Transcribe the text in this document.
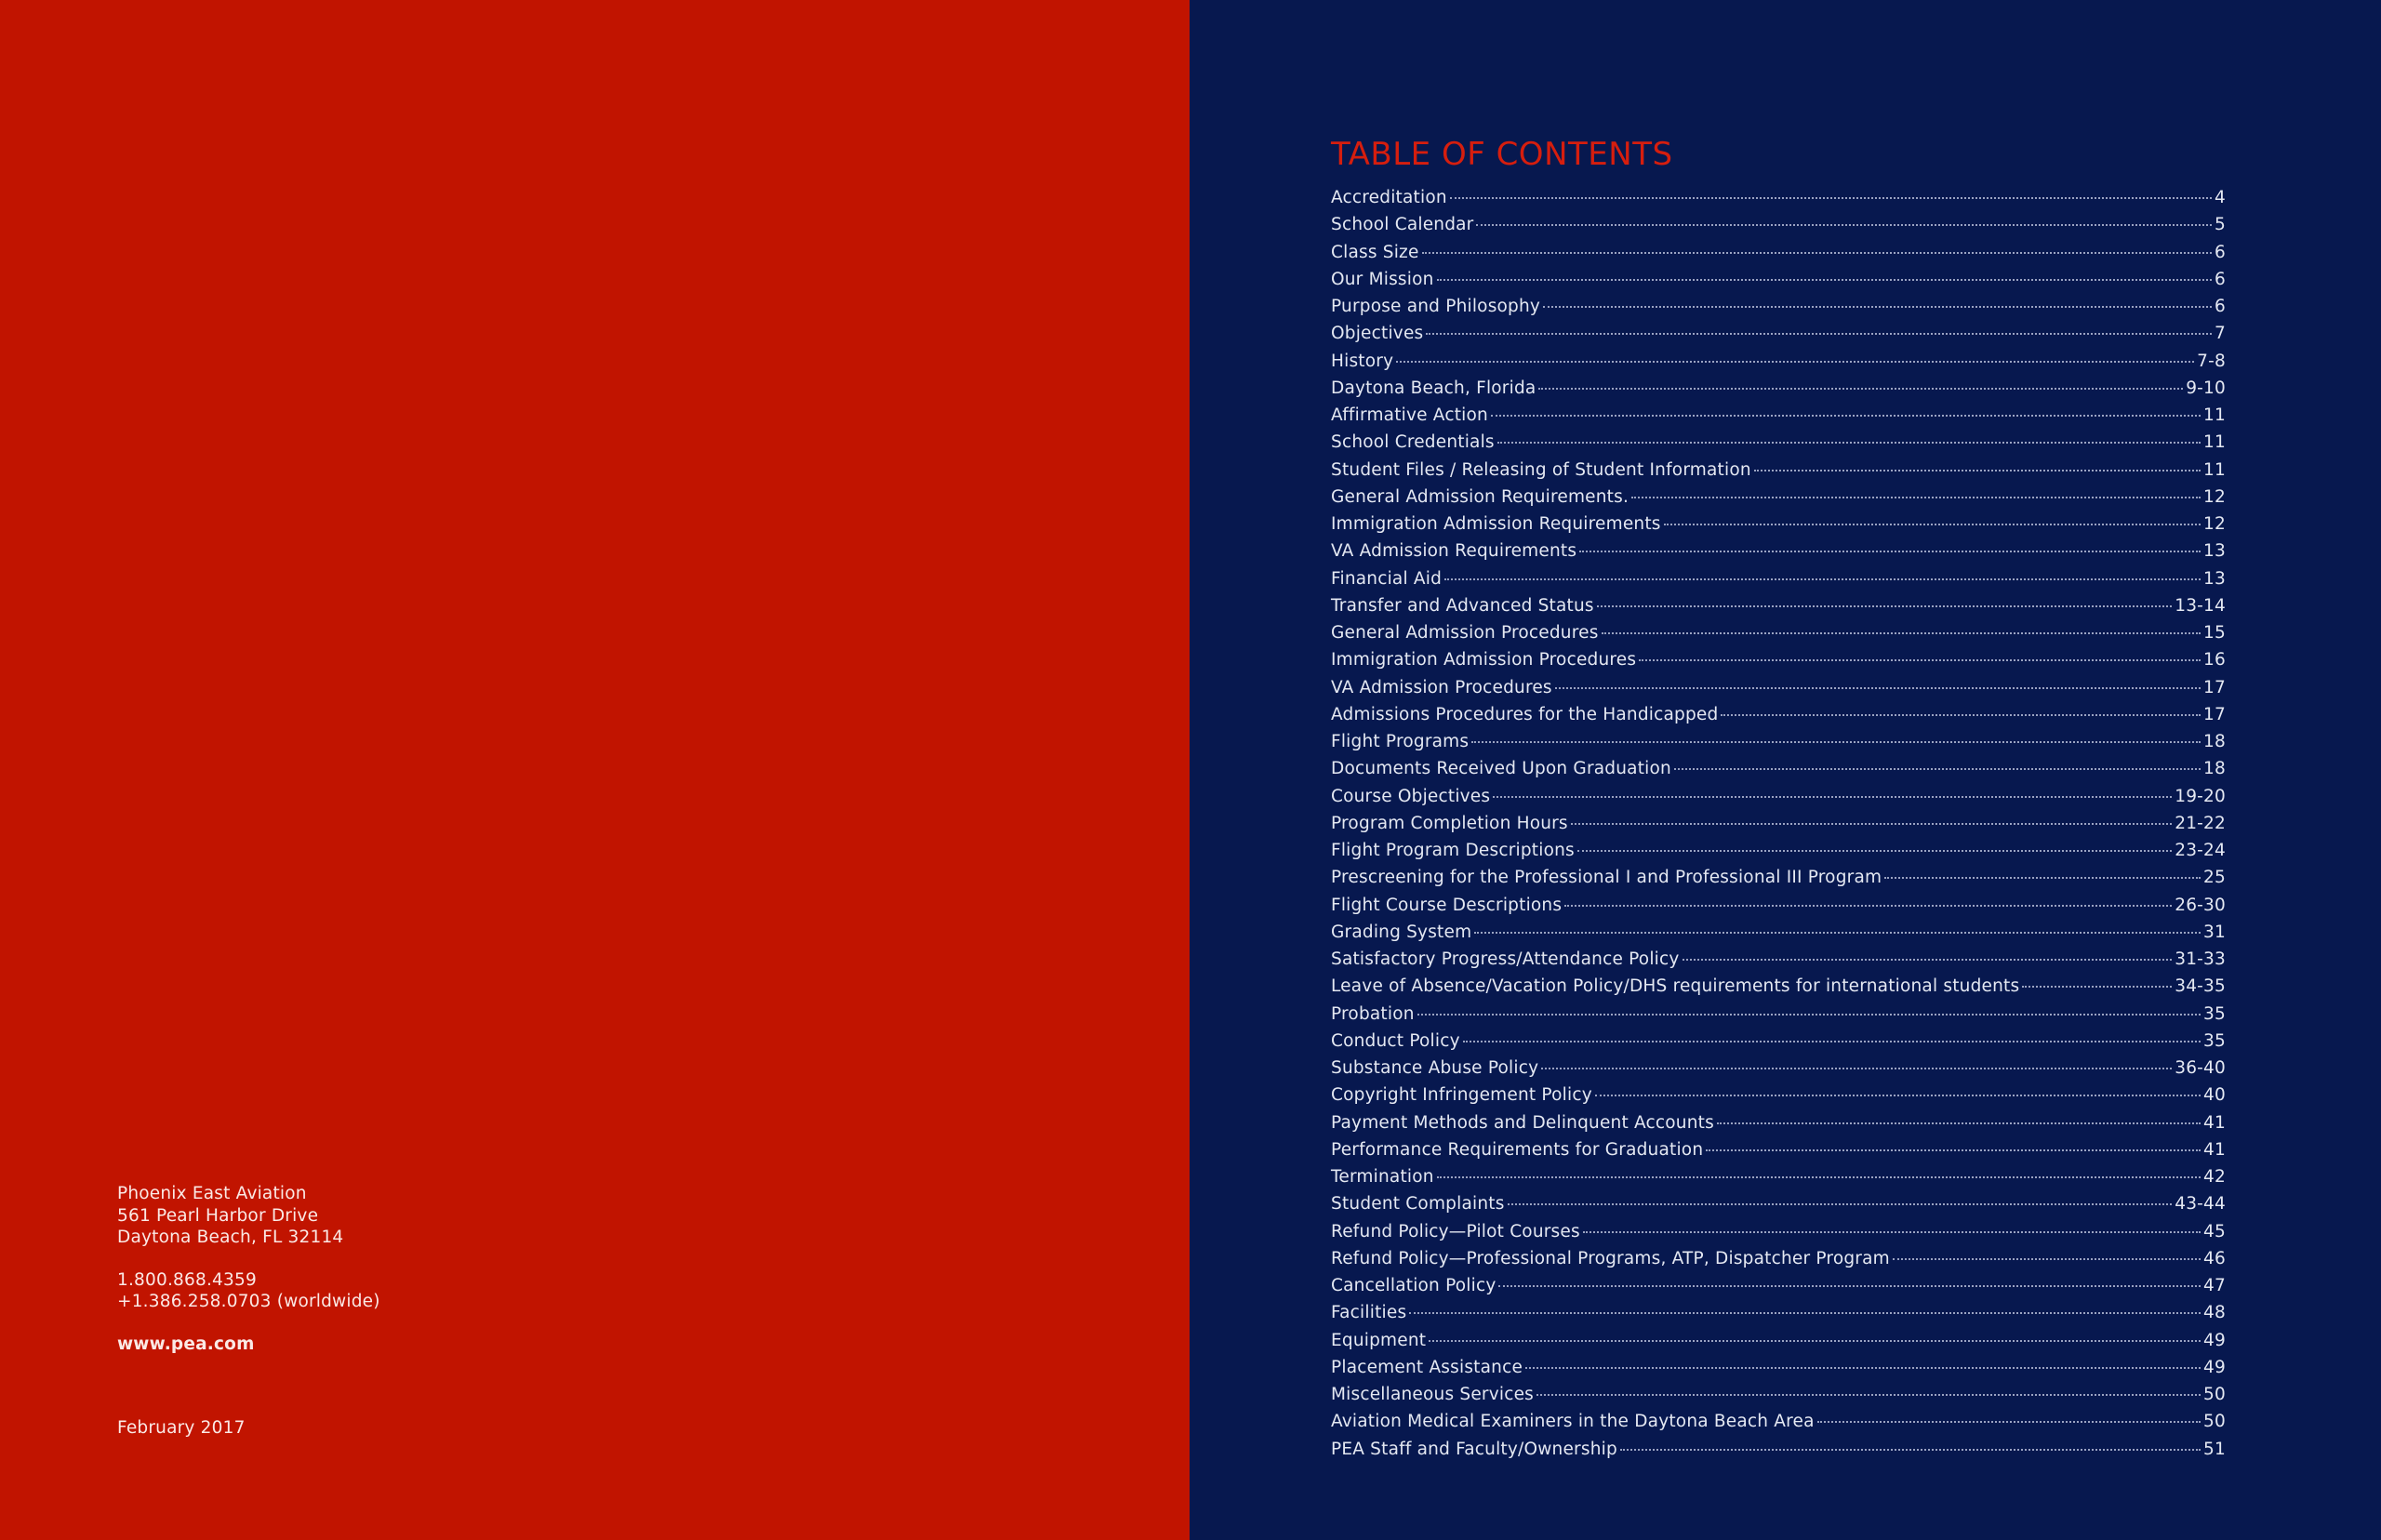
Phoenix East Aviation
561 Pearl Harbor Drive
Daytona Beach, FL 32114
1.800.868.4359
+1.386.258.0703 (worldwide)
www.pea.com
February 2017
TABLE OF CONTENTS
Accreditation	4
School Calendar	5
Class Size	6
Our Mission	6
Purpose and Philosophy	6
Objectives	7
History	7-8
Daytona Beach, Florida	9-10
Affirmative Action	11
School Credentials	11
Student Files / Releasing of Student Information	11
General Admission Requirements.	12
Immigration Admission Requirements	12
VA Admission Requirements	13
Financial Aid	13
Transfer and Advanced Status	13-14
General Admission Procedures	15
Immigration Admission Procedures	16
VA Admission Procedures	17
Admissions Procedures for the Handicapped	17
Flight Programs	18
Documents Received Upon Graduation	18
Course Objectives	19-20
Program Completion Hours	21-22
Flight Program Descriptions	23-24
Prescreening for the Professional I and Professional III Program	25
Flight Course Descriptions	26-30
Grading System	31
Satisfactory Progress/Attendance Policy	31-33
Leave of Absence/Vacation Policy/DHS requirements for international students	34-35
Probation	35
Conduct Policy	35
Substance Abuse Policy	36-40
Copyright Infringement Policy	40
Payment Methods and Delinquent Accounts	41
Performance Requirements for Graduation	41
Termination	42
Student Complaints	43-44
Refund Policy—Pilot Courses	45
Refund Policy—Professional Programs, ATP, Dispatcher Program	46
Cancellation Policy	47
Facilities	48
Equipment	49
Placement Assistance	49
Miscellaneous Services	50
Aviation Medical Examiners in the Daytona Beach Area	50
PEA Staff and Faculty/Ownership	51
